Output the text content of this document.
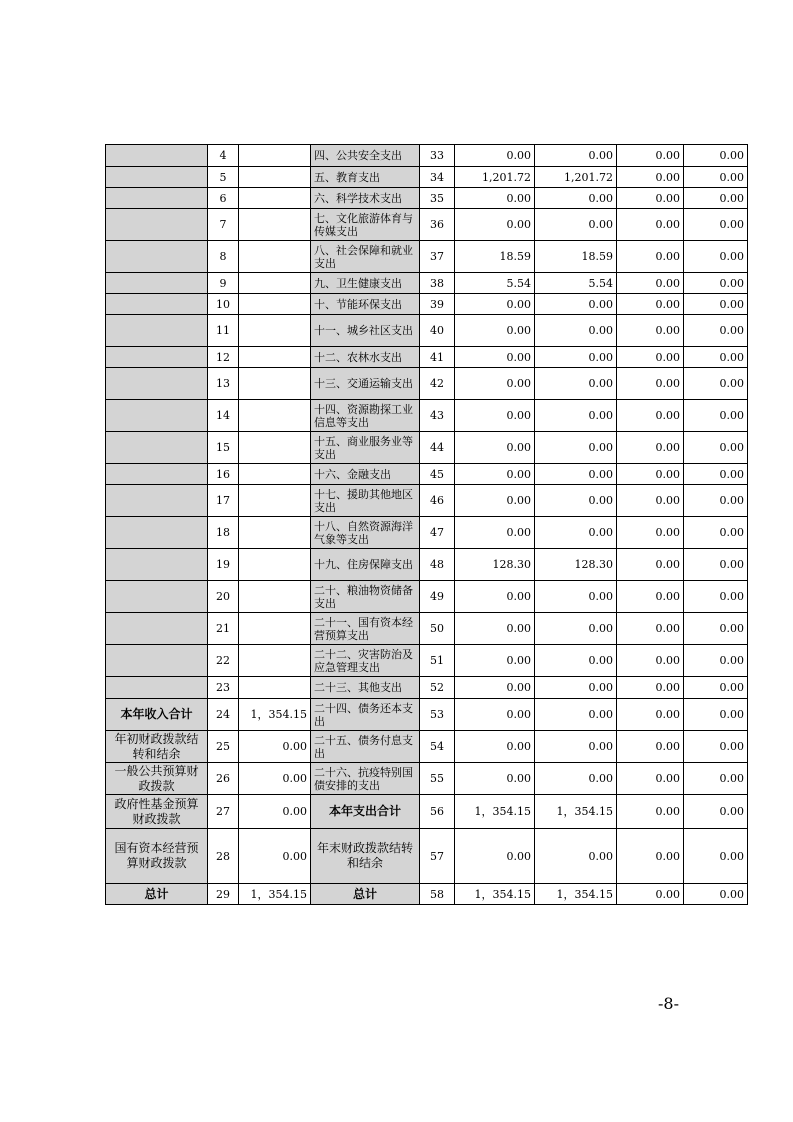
	4		四、公共安全支出	33	0.00	0.00	0.00	0.00
	5		五、教育支出	34	1,201.72	1,201.72	0.00	0.00
	6		六、科学技术支出	35	0.00	0.00	0.00	0.00
	7		七、文化旅游体育与传媒支出	36	0.00	0.00	0.00	0.00
	8		八、社会保障和就业支出	37	18.59	18.59	0.00	0.00
	9		九、卫生健康支出	38	5.54	5.54	0.00	0.00
	10		十、节能环保支出	39	0.00	0.00	0.00	0.00
	11		十一、城乡社区支出	40	0.00	0.00	0.00	0.00
	12		十二、农林水支出	41	0.00	0.00	0.00	0.00
	13		十三、交通运输支出	42	0.00	0.00	0.00	0.00
	14		十四、资源勘探工业信息等支出	43	0.00	0.00	0.00	0.00
	15		十五、商业服务业等支出	44	0.00	0.00	0.00	0.00
	16		十六、金融支出	45	0.00	0.00	0.00	0.00
	17		十七、援助其他地区支出	46	0.00	0.00	0.00	0.00
	18		十八、自然资源海洋气象等支出	47	0.00	0.00	0.00	0.00
	19		十九、住房保障支出	48	128.30	128.30	0.00	0.00
	20		二十、粮油物资储备支出	49	0.00	0.00	0.00	0.00
	21		二十一、国有资本经营预算支出	50	0.00	0.00	0.00	0.00
	22		二十二、灾害防治及应急管理支出	51	0.00	0.00	0.00	0.00
	23		二十三、其他支出	52	0.00	0.00	0.00	0.00
本年收入合计	24	1，354.15	二十四、债务还本支出	53	0.00	0.00	0.00	0.00
年初财政拨款结转和结余	25	0.00	二十五、债务付息支出	54	0.00	0.00	0.00	0.00
一般公共预算财政拨款	26	0.00	二十六、抗疫特别国债安排的支出	55	0.00	0.00	0.00	0.00
政府性基金预算财政拨款	27	0.00	本年支出合计	56	1，354.15	1，354.15	0.00	0.00
国有资本经营预算财政拨款	28	0.00	年末财政拨款结转和结余	57	0.00	0.00	0.00	0.00
总计	29	1，354.15	总计	58	1，354.15	1，354.15	0.00	0.00
-8-
